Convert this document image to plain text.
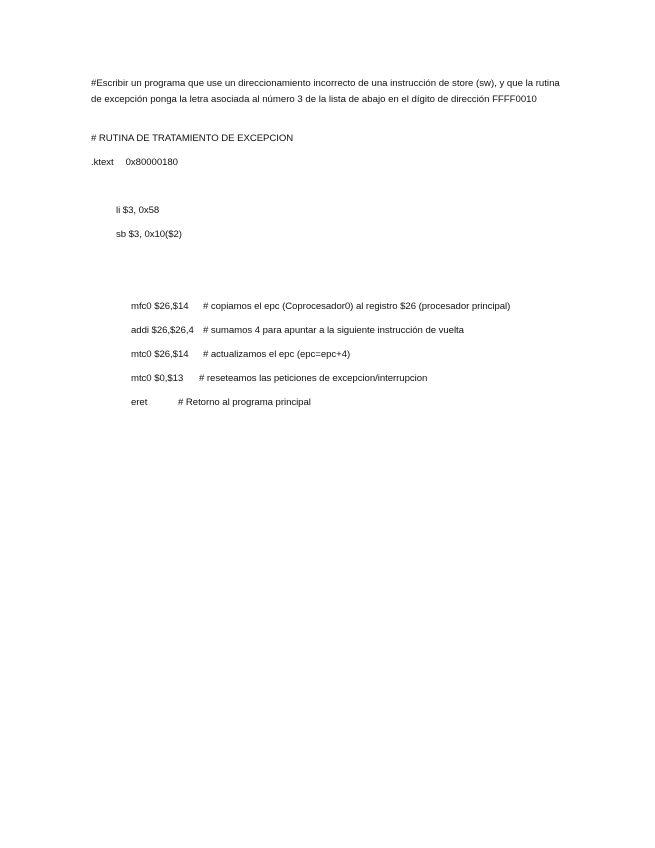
#Escribir un programa que use un direccionamiento incorrecto de una instrucción de store (sw), y que la rutina de excepción ponga la letra asociada al número 3 de la lista de abajo en el dígito de dirección FFFF0010
# RUTINA DE TRATAMIENTO DE EXCEPCION
.ktext 0x80000180
li $3, 0x58
sb $3, 0x10($2)
mfc0 $26,$14 # copiamos el epc (Coprocesador0) al registro $26 (procesador principal)
addi $26,$26,4 # sumamos 4 para apuntar a la siguiente instrucción de vuelta
mtc0 $26,$14 # actualizamos el epc (epc=epc+4)
mtc0 $0,$13 # reseteamos las peticiones de excepcion/interrupcion
eret	# Retorno al programa principal
